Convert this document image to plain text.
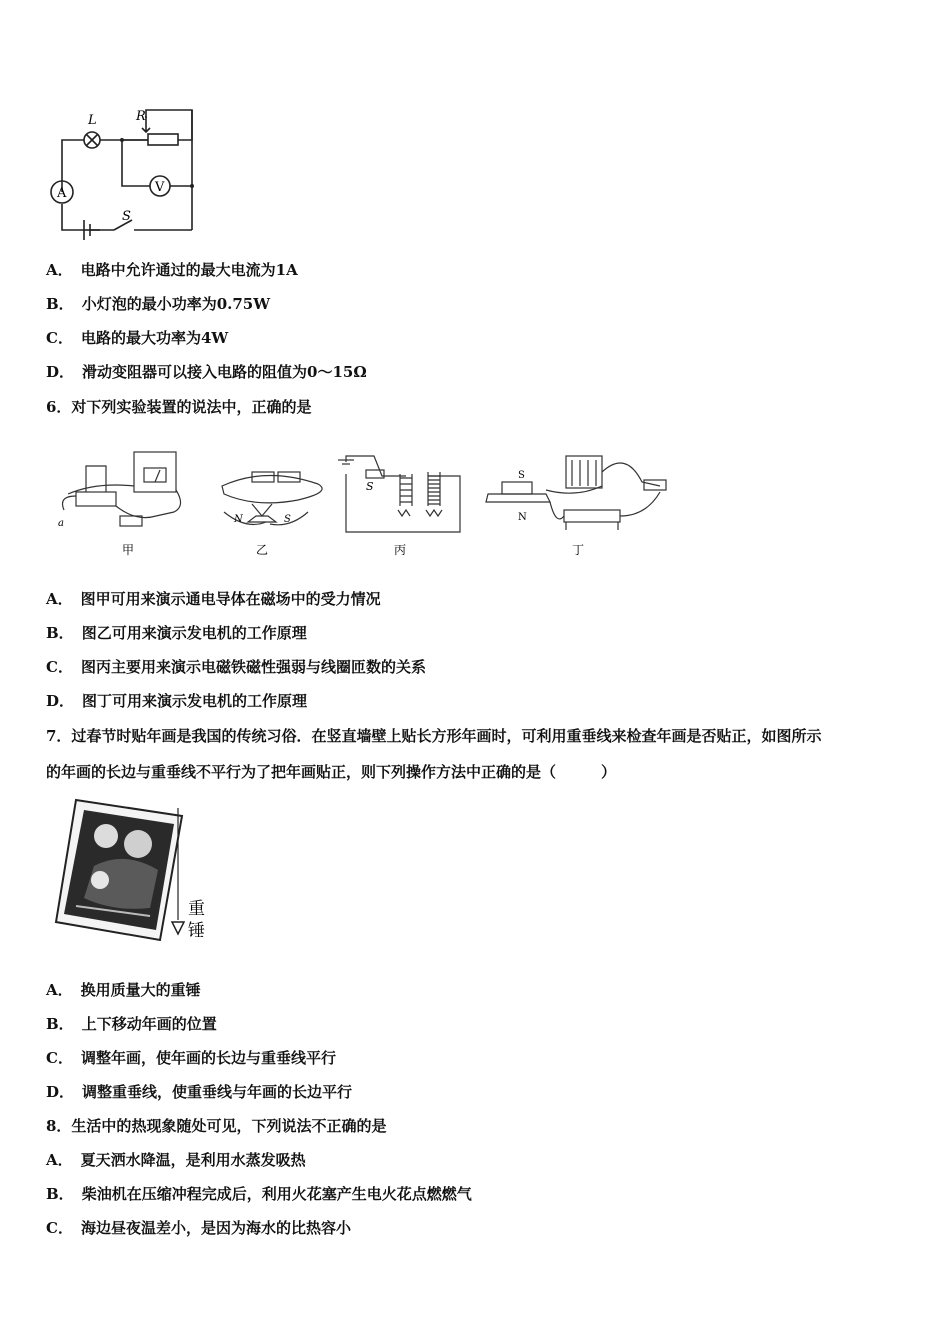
L	R
A	V
S
A． 电路中允许通过的最大电流为1A
B． 小灯泡的最小功率为0.75W
C． 电路的最大功率为4W
D． 滑动变阻器可以接入电路的阻值为0～15Ω
6．对下列实验装置的说法中，正确的是
a	N	S
S
S
N
甲	乙	丙	丁
A． 图甲可用来演示通电导体在磁场中的受力情况
B． 图乙可用来演示发电机的工作原理
C． 图丙主要用来演示电磁铁磁性强弱与线圈匝数的关系
D． 图丁可用来演示发电机的工作原理
7．过春节时贴年画是我国的传统习俗．在竖直墙壁上贴长方形年画时，可利用重垂线来检查年画是否贴正，如图所示
的年画的长边与重垂线不平行为了把年画贴正，则下列操作方法中正确的是（　　　）
重
锤
A． 换用质量大的重锤
B． 上下移动年画的位置
C． 调整年画，使年画的长边与重垂线平行
D． 调整重垂线，使重垂线与年画的长边平行
8．生活中的热现象随处可见，下列说法不正确的是
A． 夏天洒水降温，是利用水蒸发吸热
B． 柴油机在压缩冲程完成后，利用火花塞产生电火花点燃燃气
C． 海边昼夜温差小，是因为海水的比热容小
